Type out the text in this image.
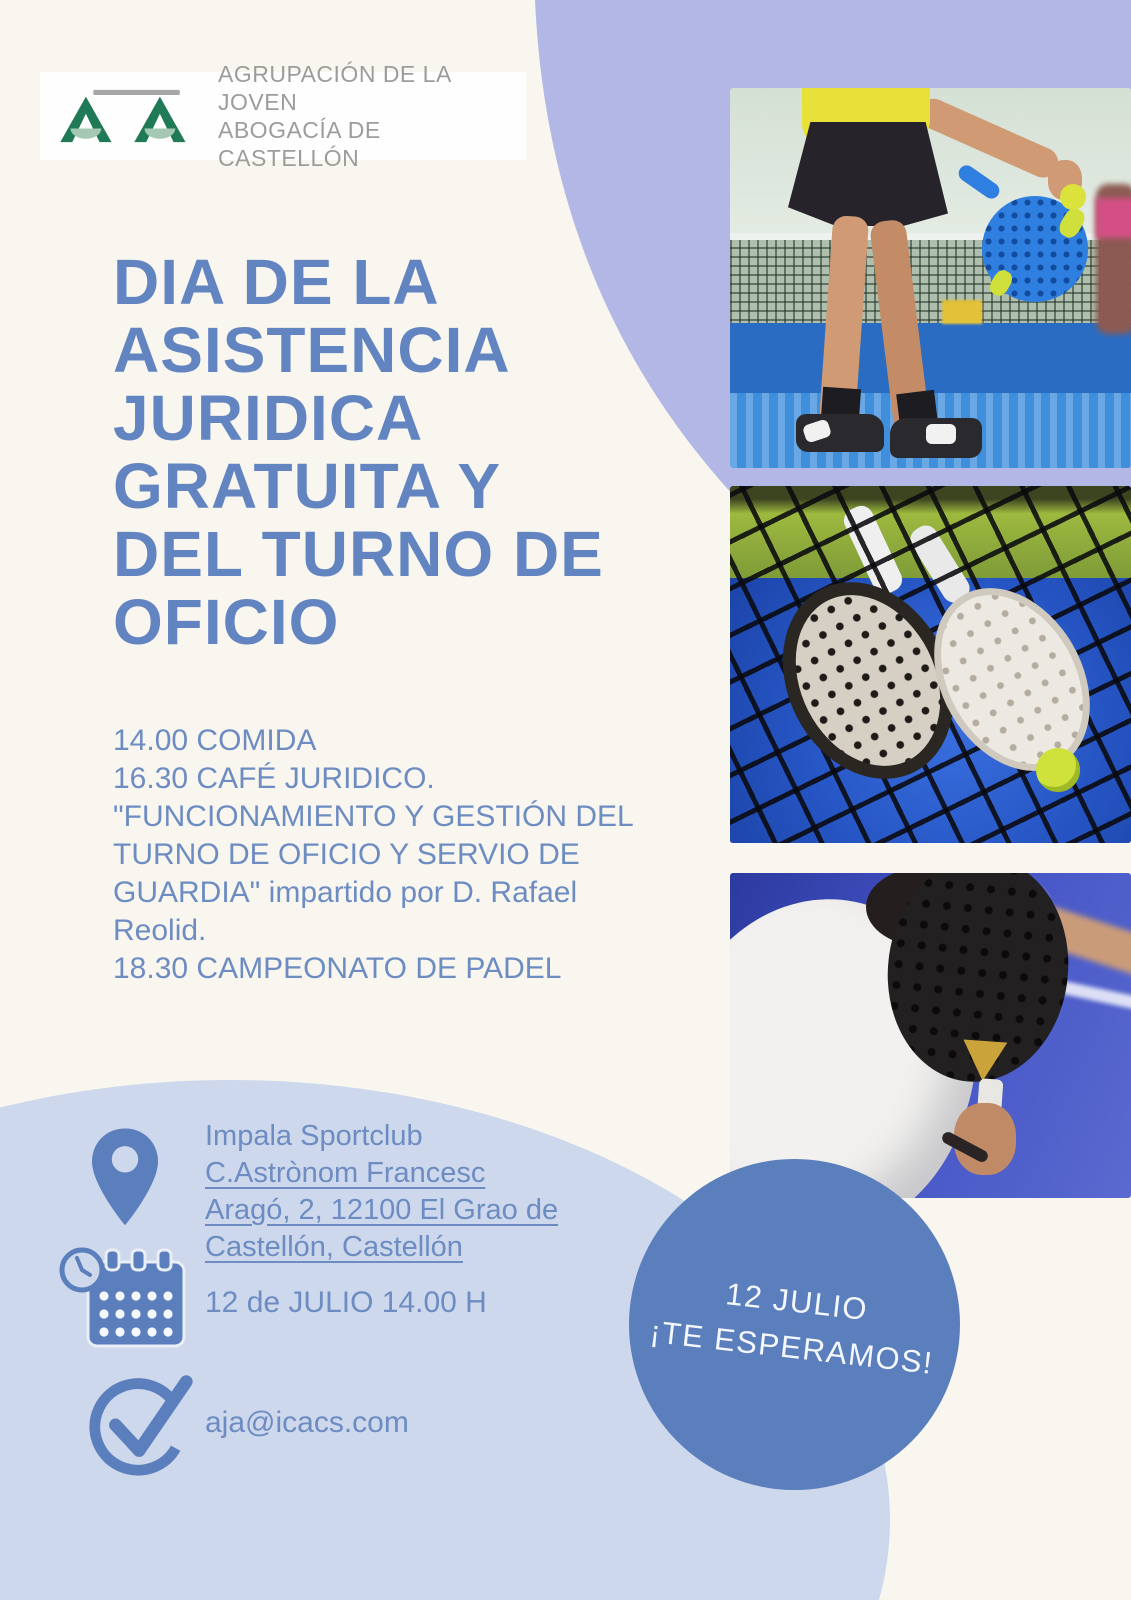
AGRUPACIÓN DE LA JOVEN
ABOGACÍA DE CASTELLÓN
DIA DE LA
ASISTENCIA
JURIDICA
GRATUITA Y
DEL TURNO DE
OFICIO
14.00 COMIDA
16.30 CAFÉ JURIDICO.
"FUNCIONAMIENTO Y GESTIÓN DEL
TURNO DE OFICIO Y SERVIO DE
GUARDIA" impartido por D. Rafael
Reolid.
18.30 CAMPEONATO DE PADEL
Impala Sportclub
C.Astrònom Francesc
Aragó, 2, 12100 El Grao de
Castellón, Castellón
12 de JULIO 14.00 H
aja@icacs.com
12 JULIO
¡TE ESPERAMOS!
